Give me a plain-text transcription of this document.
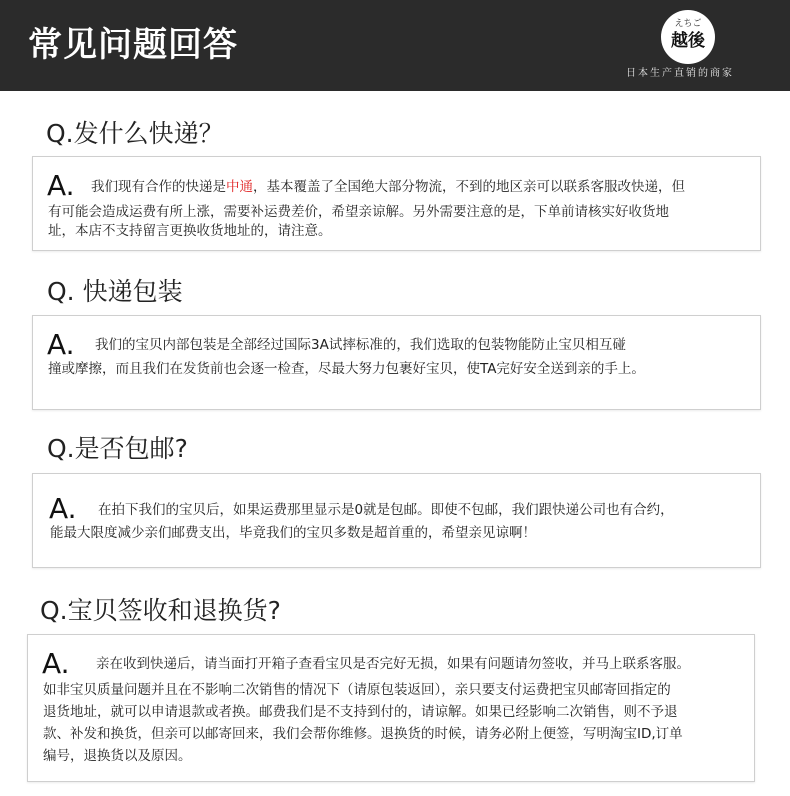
常见问题回答
えちご
越後
日本生产直销的商家
Q.发什么快递？
A. 我们现有合作的快递是中通，基本覆盖了全国绝大部分物流，不到的地区亲可以联系客服改快递，但
有可能会造成运费有所上涨，需要补运费差价，希望亲谅解。另外需要注意的是，下单前请核实好收货地
址，本店不支持留言更换收货地址的，请注意。
Q. 快递包装
A. 我们的宝贝内部包装是全部经过国际3A试摔标准的，我们选取的包装物能防止宝贝相互碰
撞或摩擦，而且我们在发货前也会逐一检查，尽最大努力包裹好宝贝，使TA完好安全送到亲的手上。
Q.是否包邮?
A. 在拍下我们的宝贝后，如果运费那里显示是0就是包邮。即使不包邮，我们跟快递公司也有合约，
能最大限度减少亲们邮费支出，毕竟我们的宝贝多数是超首重的，希望亲见谅啊！
Q.宝贝签收和退换货?
A. 亲在收到快递后，请当面打开箱子查看宝贝是否完好无损，如果有问题请勿签收，并马上联系客服。
如非宝贝质量问题并且在不影响二次销售的情况下（请原包装返回），亲只要支付运费把宝贝邮寄回指定的
退货地址，就可以申请退款或者换。邮费我们是不支持到付的，请谅解。如果已经影响二次销售，则不予退
款、补发和换货，但亲可以邮寄回来，我们会帮你维修。退换货的时候，请务必附上便签，写明淘宝ID,订单
编号，退换货以及原因。
